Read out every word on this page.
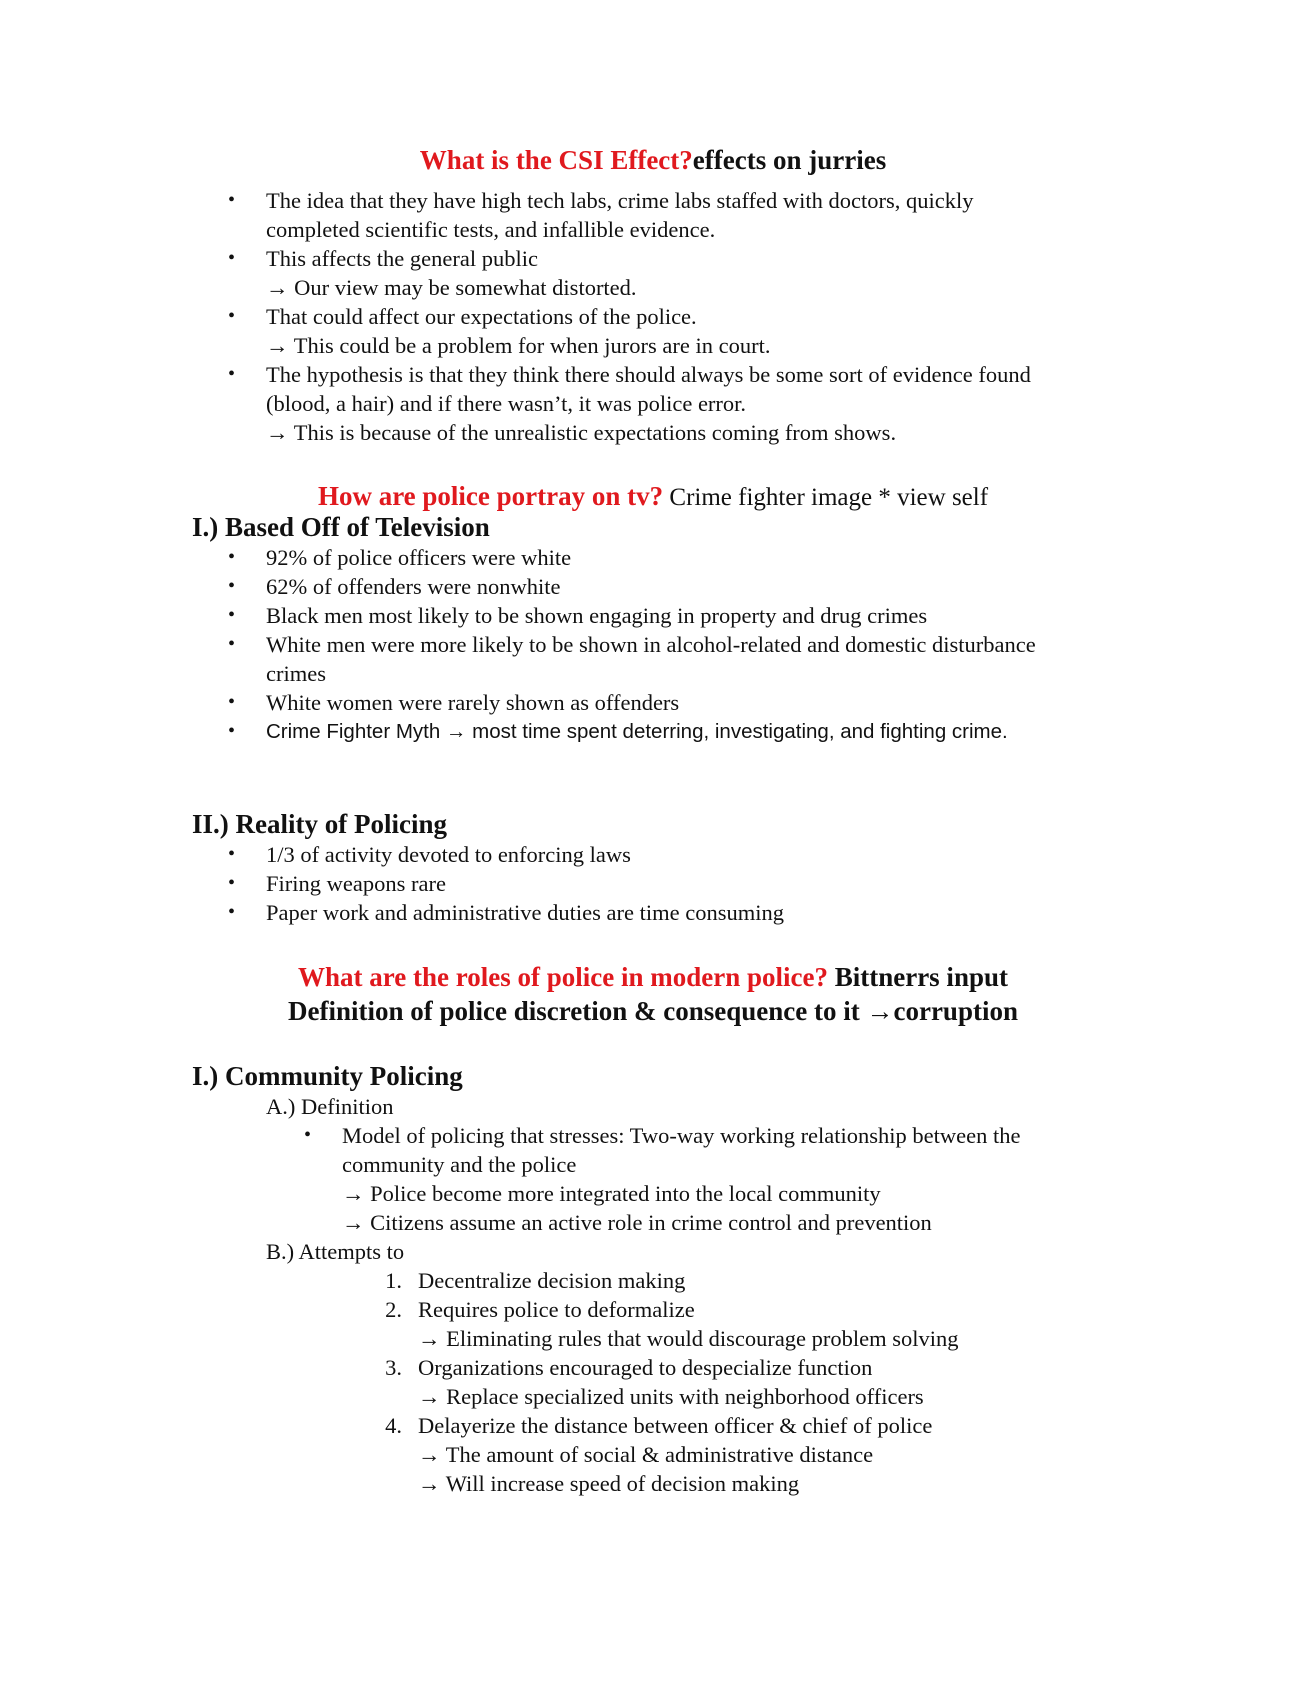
What is the CSI Effect?effects on jurries
• The idea that they have high tech labs, crime labs staffed with doctors, quickly
completed scientific tests, and infallible evidence.
• This affects the general public
→ Our view may be somewhat distorted.
• That could affect our expectations of the police.
→ This could be a problem for when jurors are in court.
• The hypothesis is that they think there should always be some sort of evidence found
(blood, a hair) and if there wasn’t, it was police error.
→ This is because of the unrealistic expectations coming from shows.
How are police portray on tv? Crime fighter image * view self
I.) Based Off of Television
• 92% of police officers were white
• 62% of offenders were nonwhite
• Black men most likely to be shown engaging in property and drug crimes
• White men were more likely to be shown in alcohol-related and domestic disturbance
crimes
• White women were rarely shown as offenders
• Crime Fighter Myth → most time spent deterring, investigating, and fighting crime.
II.) Reality of Policing
• 1/3 of activity devoted to enforcing laws
• Firing weapons rare
• Paper work and administrative duties are time consuming
What are the roles of police in modern police? Bittnerrs input
Definition of police discretion & consequence to it →corruption
I.) Community Policing
A.) Definition
• Model of policing that stresses: Two-way working relationship between the
community and the police
→ Police become more integrated into the local community
→ Citizens assume an active role in crime control and prevention
B.) Attempts to
1. Decentralize decision making
2. Requires police to deformalize
→ Eliminating rules that would discourage problem solving
3. Organizations encouraged to despecialize function
→ Replace specialized units with neighborhood officers
4. Delayerize the distance between officer & chief of police
→ The amount of social & administrative distance
→ Will increase speed of decision making
